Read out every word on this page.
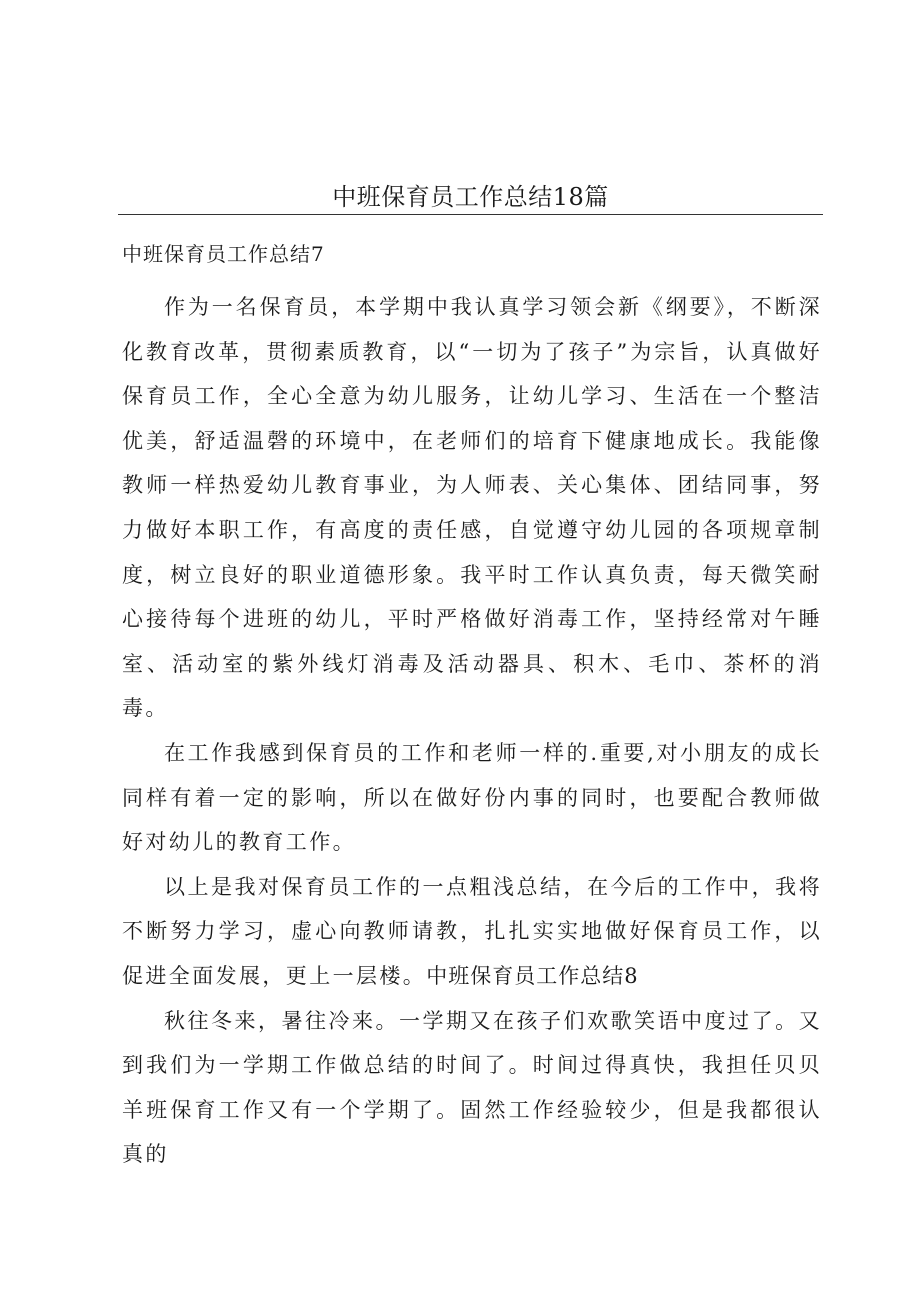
中班保育员工作总结18篇
中班保育员工作总结7

作为一名保育员，本学期中我认真学习领会新《纲要》，不断深化教育改革，贯彻素质教育，以“一切为了孩子”为宗旨，认真做好保育员工作，全心全意为幼儿服务，让幼儿学习、生活在一个整洁优美，舒适温磬的环境中，在老师们的培育下健康地成长。我能像教师一样热爱幼儿教育事业，为人师表、关心集体、团结同事，努力做好本职工作，有高度的责任感，自觉遵守幼儿园的各项规章制度，树立良好的职业道德形象。我平时工作认真负责，每天微笑耐心接待每个进班的幼儿，平时严格做好消毒工作，坚持经常对午睡室、活动室的紫外线灯消毒及活动器具、积木、毛巾、茶杯的消毒。

在工作我感到保育员的工作和老师一样的.重要,对小朋友的成长同样有着一定的影响，所以在做好份内事的同时，也要配合教师做好对幼儿的教育工作。

以上是我对保育员工作的一点粗浅总结，在今后的工作中，我将不断努力学习，虚心向教师请教，扎扎实实地做好保育员工作，以促进全面发展，更上一层楼。中班保育员工作总结8

秋往冬来，暑往冷来。一学期又在孩子们欢歌笑语中度过了。又到我们为一学期工作做总结的时间了。时间过得真快，我担任贝贝羊班保育工作又有一个学期了。固然工作经验较少，但是我都很认真的
